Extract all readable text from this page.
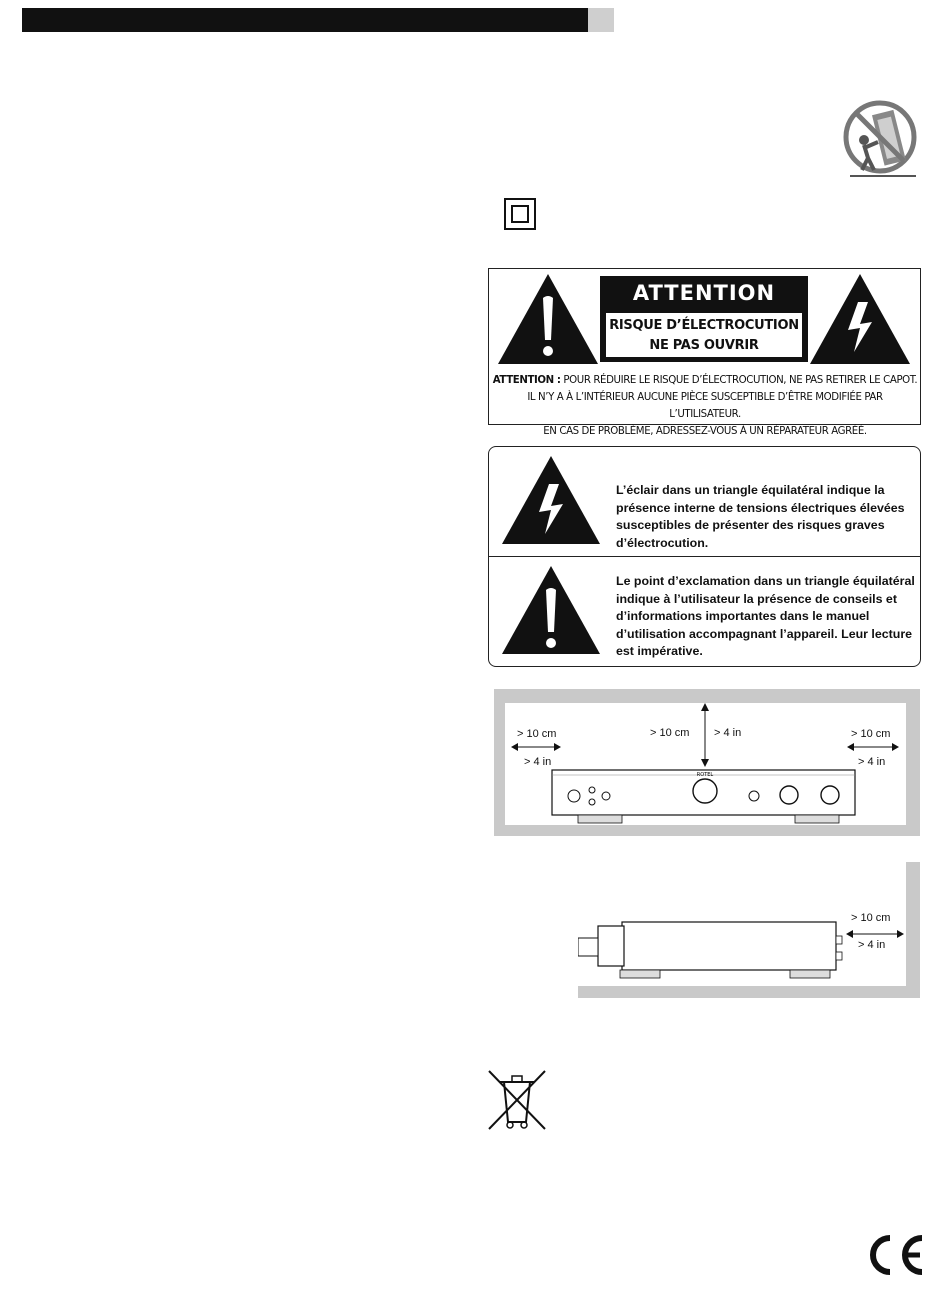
ATTENTION
RISQUE D’ÉLECTROCUTION
NE PAS OUVRIR
ATTENTION : POUR RÉDUIRE LE RISQUE D’ÉLECTROCUTION, NE PAS RETIRER LE CAPOT.
IL N’Y A À L’INTÉRIEUR AUCUNE PIÈCE SUSCEPTIBLE D’ÊTRE MODIFIÉE PAR L’UTILISATEUR.
EN CAS DE PROBLÈME, ADRESSEZ-VOUS À UN RÉPARATEUR AGRÉÉ.
L’éclair dans un triangle équilatéral indique la présence interne de tensions électriques élevées susceptibles de présenter des risques graves d’électrocution.
Le point d’exclamation dans un triangle équilatéral indique à l’utilisateur la présence de conseils et d’informations importantes dans le manuel d’utilisation accompagnant l’appareil. Leur lecture est impérative.
ROTEL
> 10 cm
> 4 in
> 10 cm > 4 in	> 10 cm
> 4 in
> 10 cm
> 4 in
